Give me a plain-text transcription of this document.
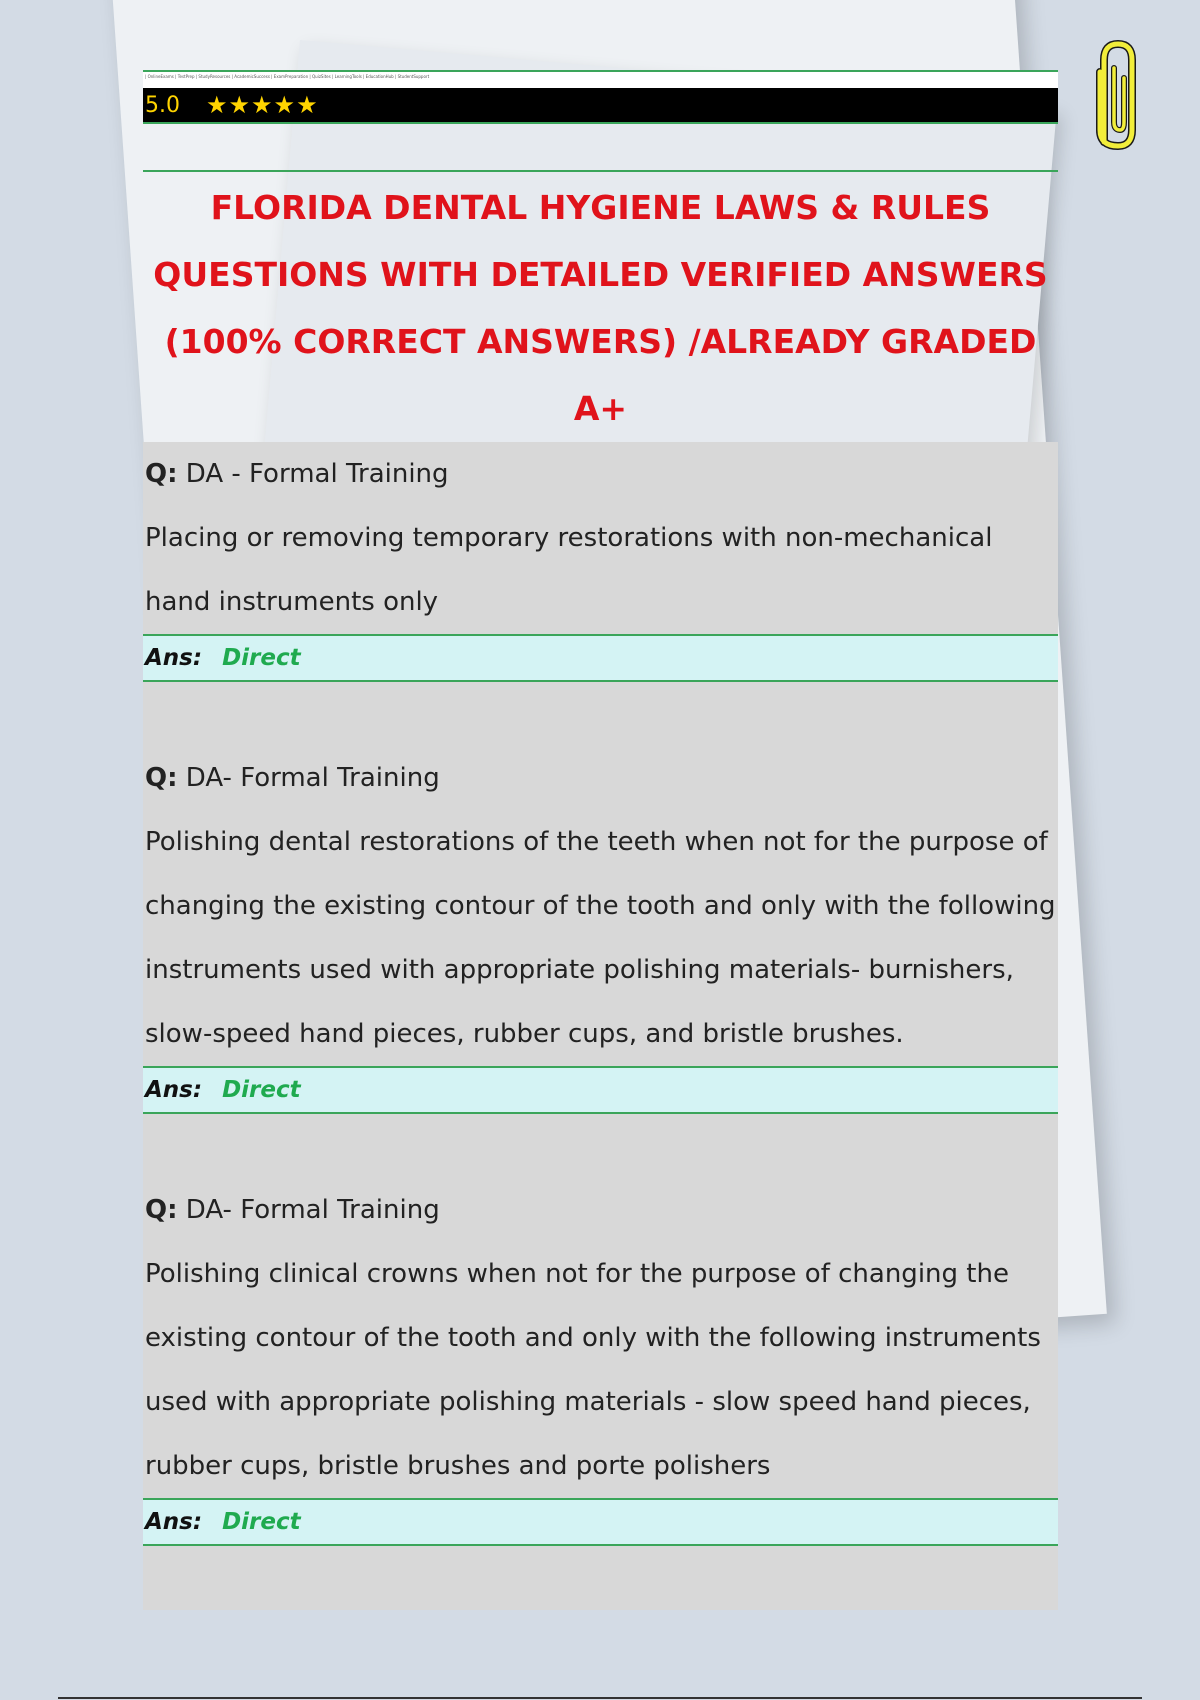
| OnlineExams | TestPrep | StudyResources | AcademicSuccess | ExamPreparation | QuizSites | LearningTools | EducationHub | StudentSupport
5.0 ★★★★★
FLORIDA DENTAL HYGIENE LAWS & RULES QUESTIONS WITH DETAILED VERIFIED ANSWERS (100% CORRECT ANSWERS) /ALREADY GRADED A+
Q: DA - Formal Training
Placing or removing temporary restorations with non-mechanical hand instruments only
Ans: Direct
Q: DA- Formal Training
Polishing dental restorations of the teeth when not for the purpose of changing the existing contour of the tooth and only with the following instruments used with appropriate polishing materials- burnishers, slow-speed hand pieces, rubber cups, and bristle brushes.
Ans: Direct
Q: DA- Formal Training
Polishing clinical crowns when not for the purpose of changing the existing contour of the tooth and only with the following instruments used with appropriate polishing materials - slow speed hand pieces, rubber cups, bristle brushes and porte polishers
Ans: Direct
